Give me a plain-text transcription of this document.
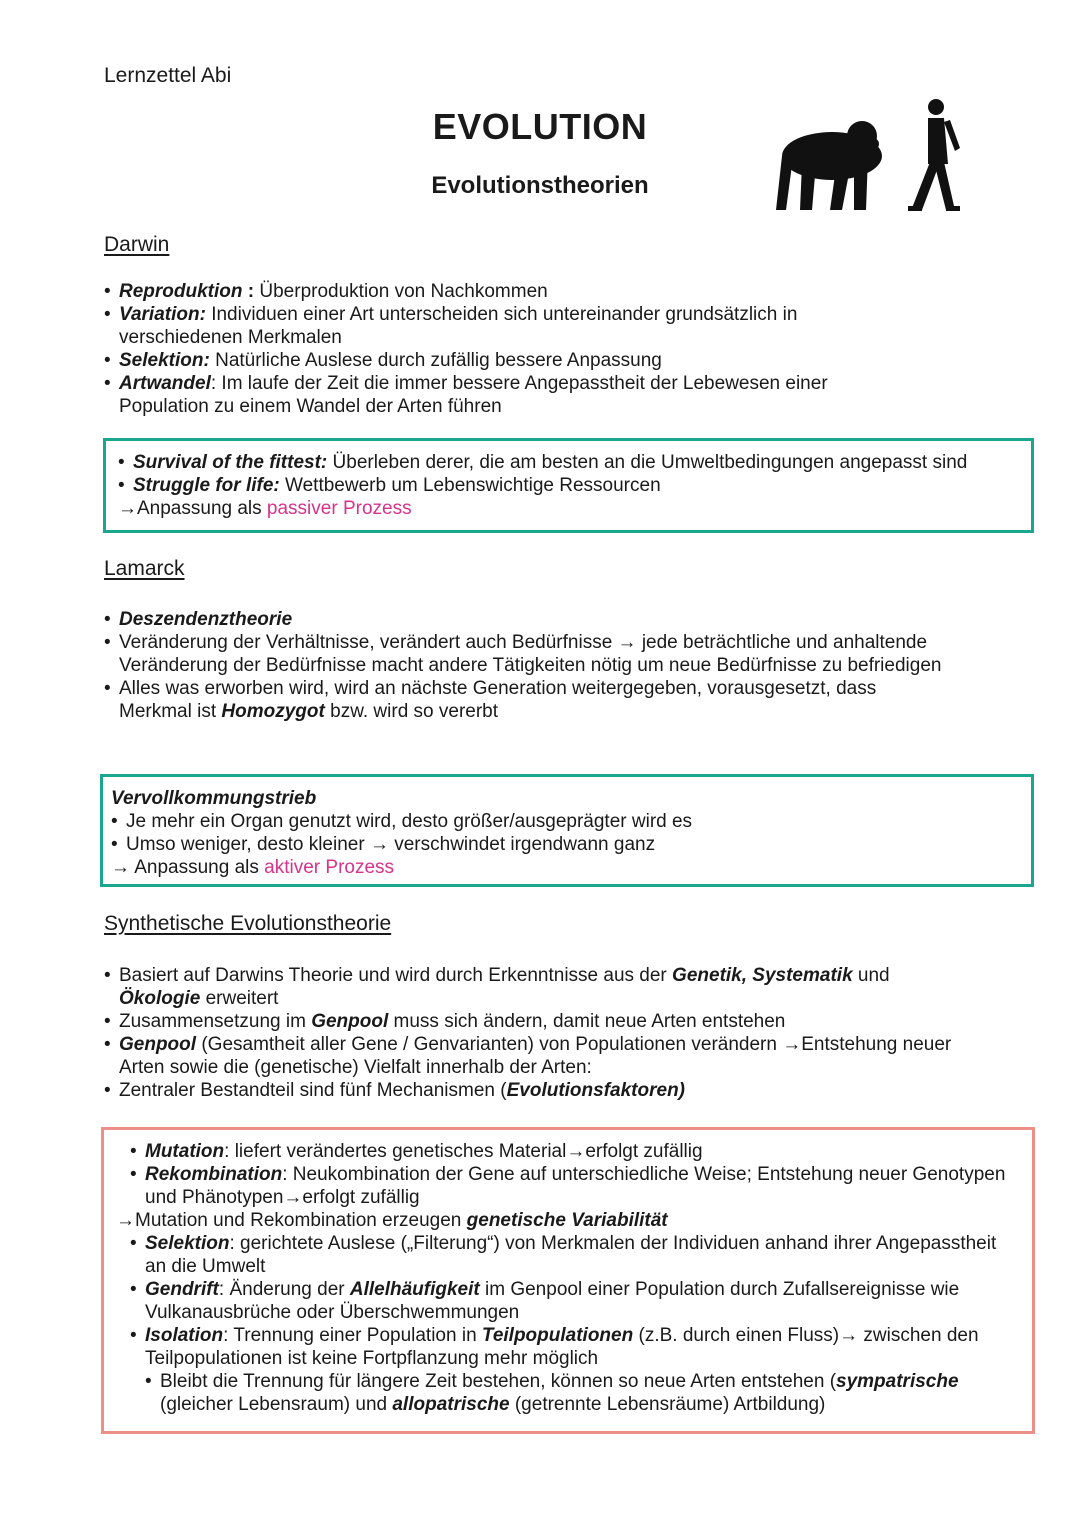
Lernzettel Abi
EVOLUTION
Evolutionstheorien
Darwin
• Reproduktion : Überproduktion von Nachkommen
• Variation: Individuen einer Art unterscheiden sich untereinander grundsätzlich in verschiedenen Merkmalen
• Selektion: Natürliche Auslese durch zufällig bessere Anpassung
• Artwandel: Im laufe der Zeit die immer bessere Angepasstheit der Lebewesen einer Population zu einem Wandel der Arten führen
• Survival of the fittest: Überleben derer, die am besten an die Umweltbedingungen angepasst sind
• Struggle for life: Wettbewerb um Lebenswichtige Ressourcen
→Anpassung als passiver Prozess
Lamarck
• Deszendenztheorie
• Veränderung der Verhältnisse, verändert auch Bedürfnisse → jede beträchtliche und anhaltende Veränderung der Bedürfnisse macht andere Tätigkeiten nötig um neue Bedürfnisse zu befriedigen
• Alles was erworben wird, wird an nächste Generation weitergegeben, vorausgesetzt, dass Merkmal ist Homozygot bzw. wird so vererbt
Vervollkommungstrieb
• Je mehr ein Organ genutzt wird, desto größer/ausgeprägter wird es
• Umso weniger, desto kleiner → verschwindet irgendwann ganz
→ Anpassung als aktiver Prozess
Synthetische Evolutionstheorie
• Basiert auf Darwins Theorie und wird durch Erkenntnisse aus der Genetik, Systematik und Ökologie erweitert
• Zusammensetzung im Genpool muss sich ändern, damit neue Arten entstehen
• Genpool (Gesamtheit aller Gene / Genvarianten) von Populationen verändern →Entstehung neuer Arten sowie die (genetische) Vielfalt innerhalb der Arten:
• Zentraler Bestandteil sind fünf Mechanismen (Evolutionsfaktoren)
• Mutation: liefert verändertes genetisches Material→erfolgt zufällig
• Rekombination: Neukombination der Gene auf unterschiedliche Weise; Entstehung neuer Genotypen und Phänotypen→erfolgt zufällig
→Mutation und Rekombination erzeugen genetische Variabilität
• Selektion: gerichtete Auslese („Filterung“) von Merkmalen der Individuen anhand ihrer Angepasstheit an die Umwelt
• Gendrift: Änderung der Allelhäufigkeit im Genpool einer Population durch Zufallsereignisse wie Vulkanausbrüche oder Überschwemmungen
• Isolation: Trennung einer Population in Teilpopulationen (z.B. durch einen Fluss)→ zwischen den Teilpopulationen ist keine Fortpflanzung mehr möglich
• Bleibt die Trennung für längere Zeit bestehen, können so neue Arten entstehen (sympatrische (gleicher Lebensraum) und allopatrische (getrennte Lebensräume) Artbildung)
